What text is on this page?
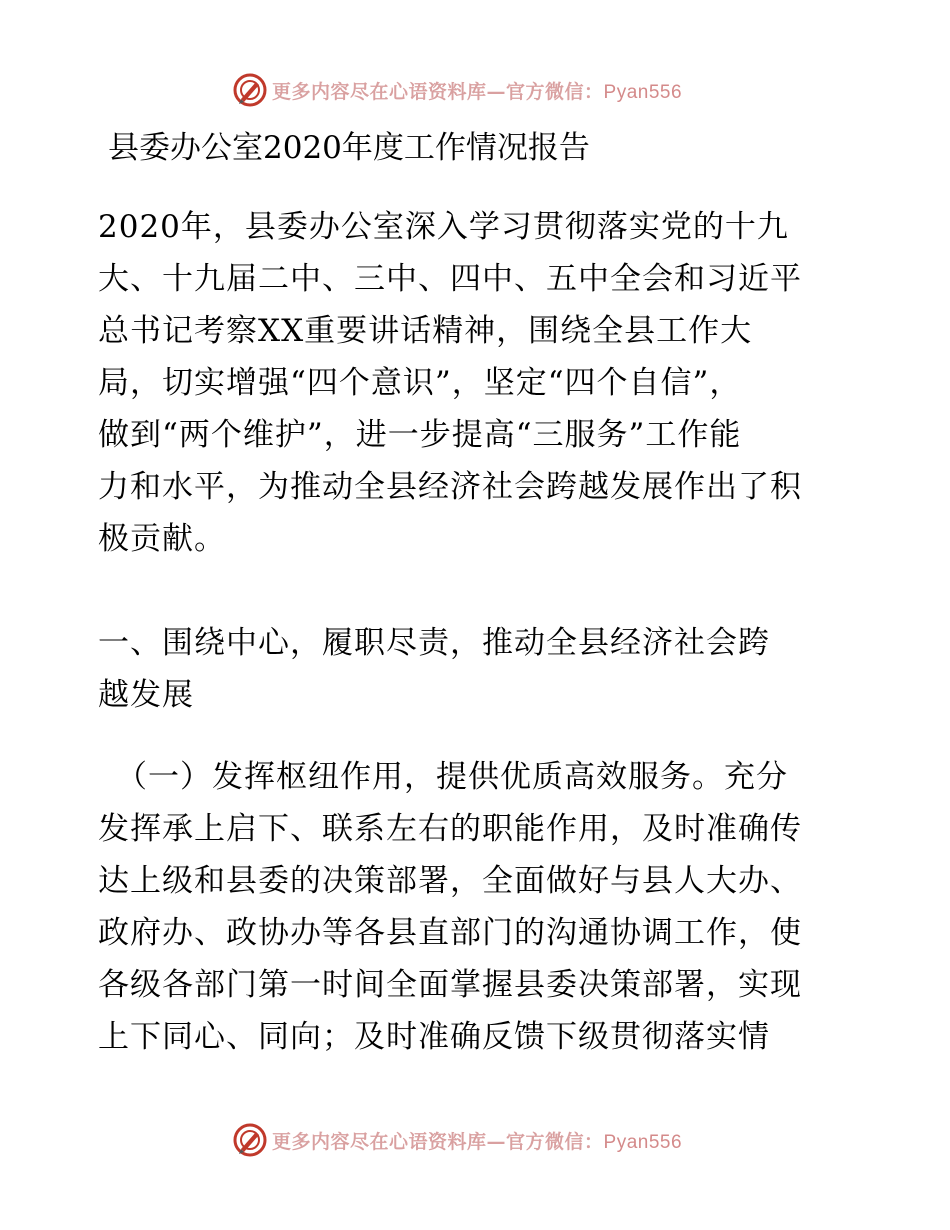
更多内容尽在心语资料库—官方微信：Pyan556
县委办公室2020年度工作情况报告
2020年，县委办公室深入学习贯彻落实党的十九
大、十九届二中、三中、四中、五中全会和习近平
总书记考察XX重要讲话精神，围绕全县工作大
局，切实增强“四个意识”，坚定“四个自信”，
做到“两个维护”，进一步提高“三服务”工作能
力和水平，为推动全县经济社会跨越发展作出了积
极贡献。
一、围绕中心，履职尽责，推动全县经济社会跨
越发展
（一）发挥枢纽作用，提供优质高效服务。充分
发挥承上启下、联系左右的职能作用，及时准确传
达上级和县委的决策部署，全面做好与县人大办、
政府办、政协办等各县直部门的沟通协调工作，使
各级各部门第一时间全面掌握县委决策部署，实现
上下同心、同向；及时准确反馈下级贯彻落实情
更多内容尽在心语资料库—官方微信：Pyan556
